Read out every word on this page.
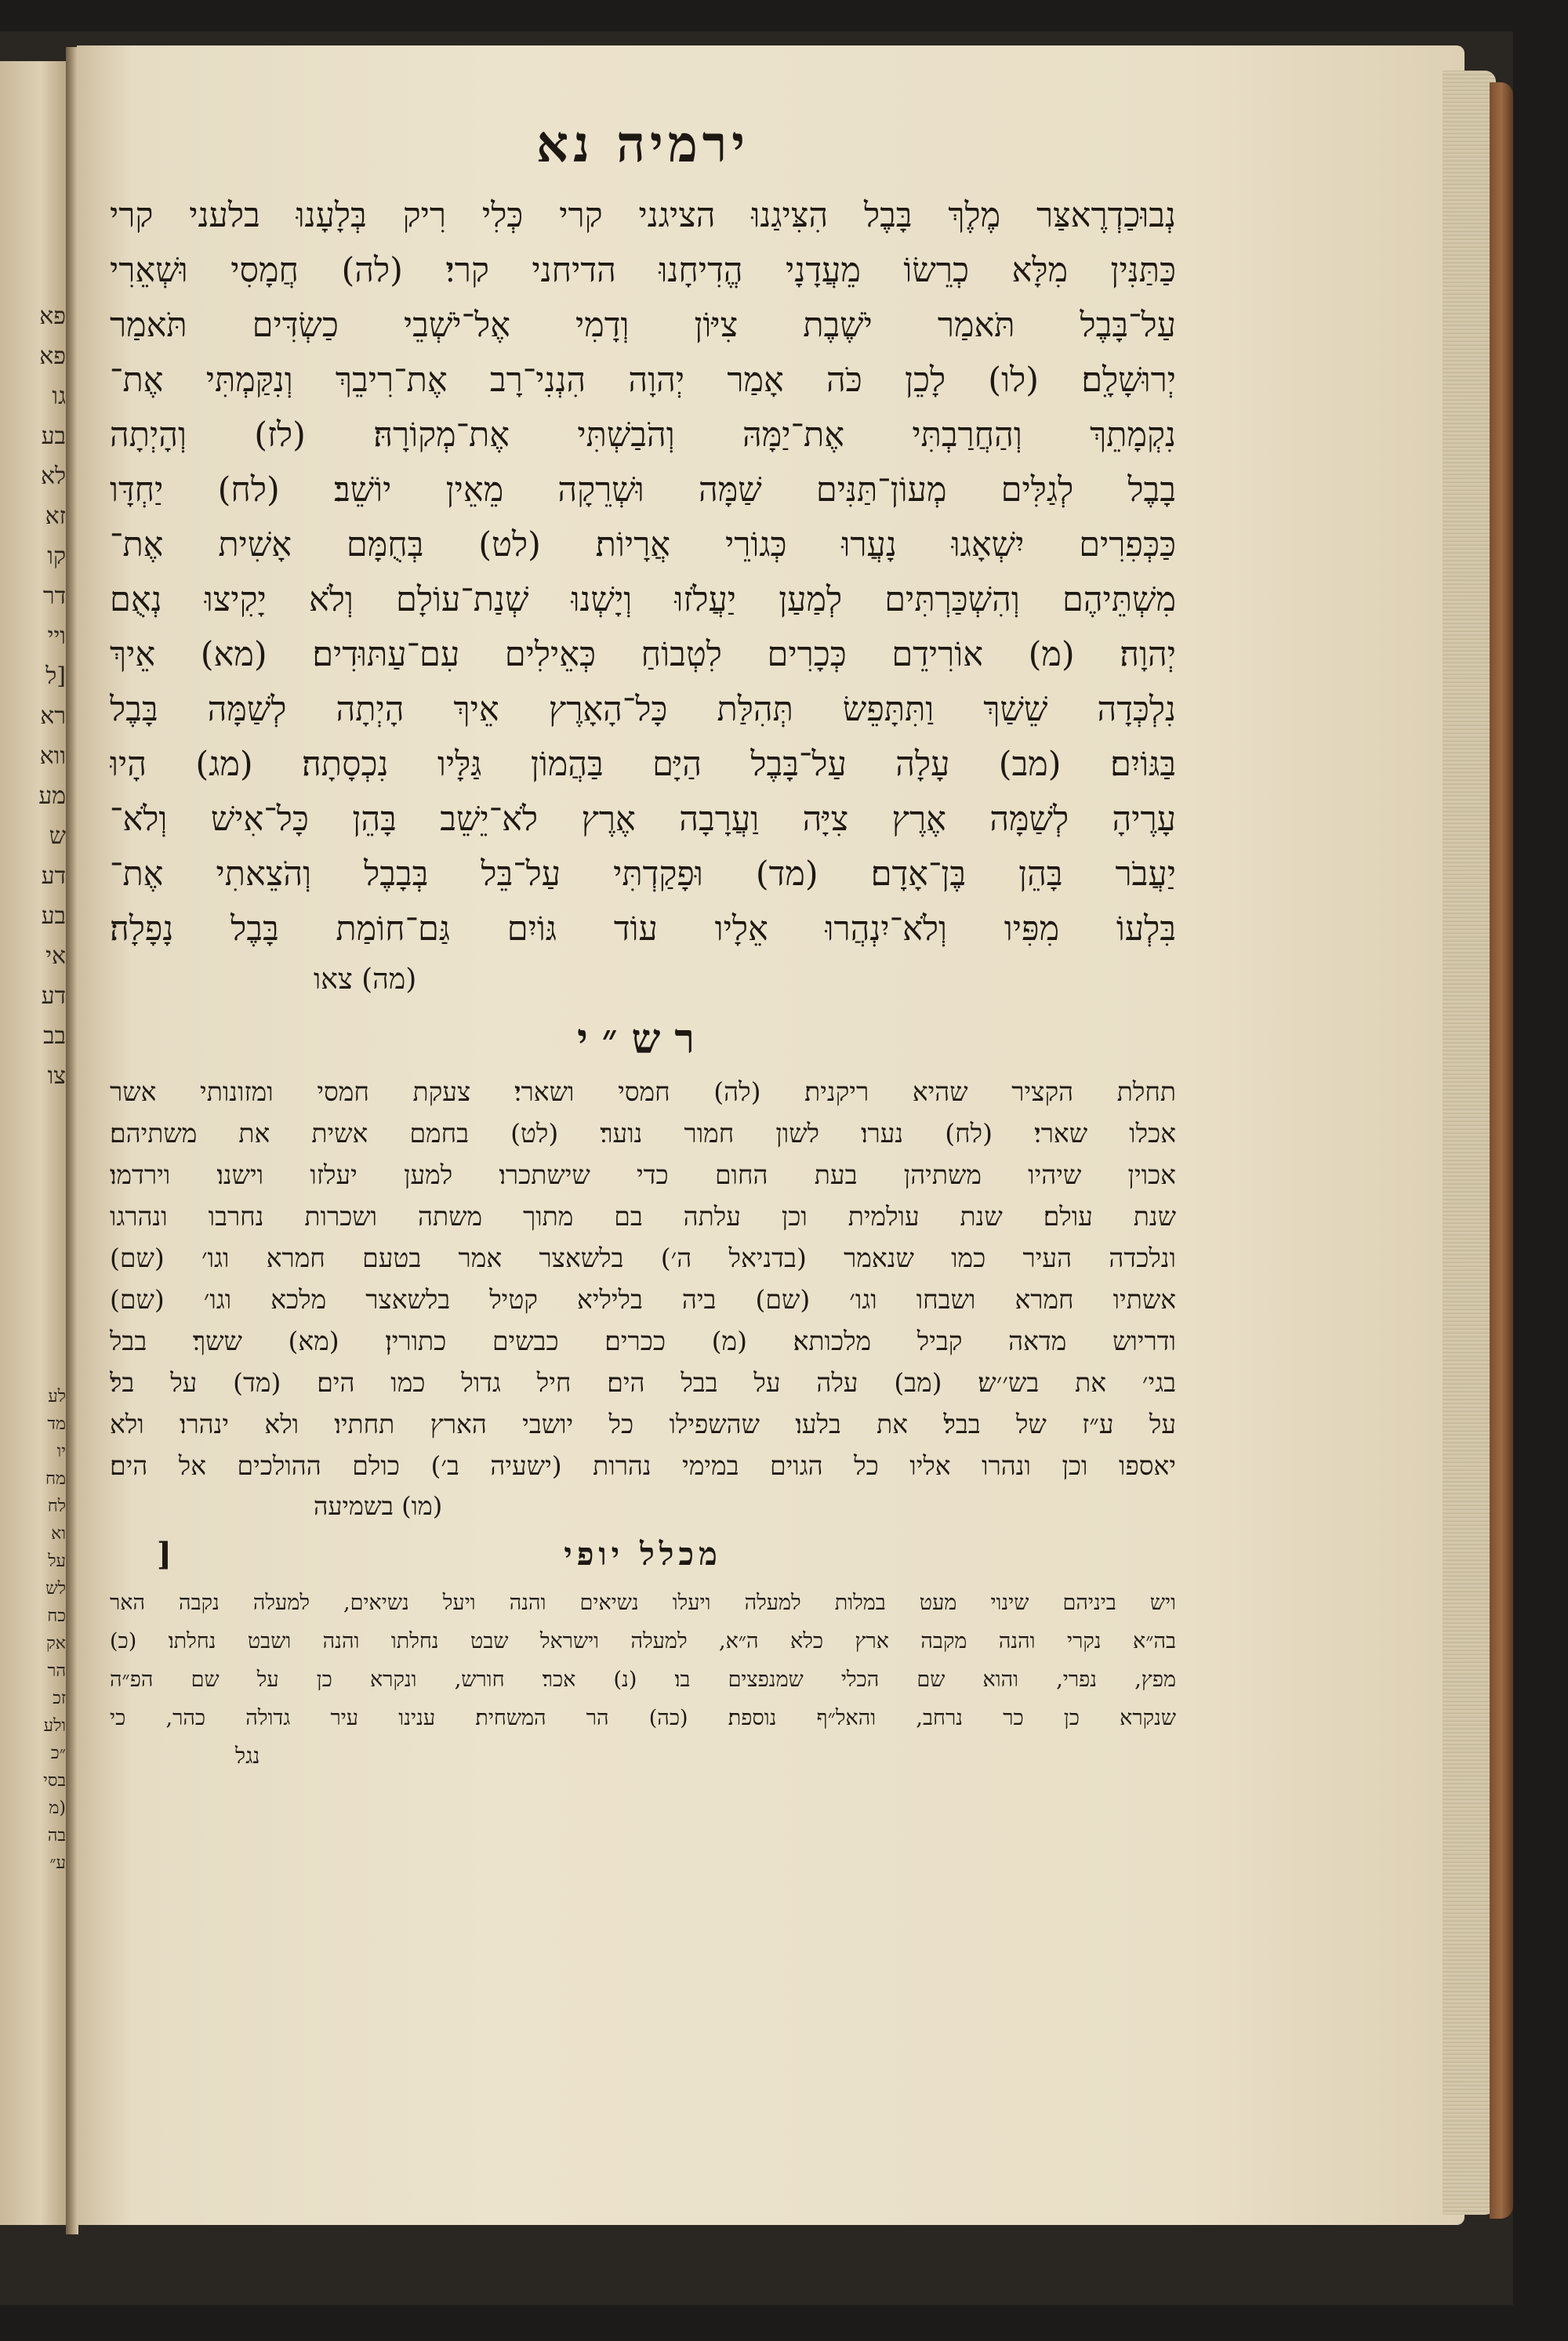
פא
פא
גו
בע
לא
זא
קו
דר
ויי
[ל
רא
ווא
מע
ש
דע
בע
אי
דע
בב
צו
לע
מד
יו
מח
לח
וא
על
לש
כח
אק
הר
זכ
ולע
״כ
בסי
(מ
בה
ע״
ירמיה נא
נְבוּכַדְרֶאצַּר מֶלֶךְ בָּבֶל הִצִּיגַנוּ הציגני קרי כְּלִי רִיק בְּלָעָנוּ בלעני קרי
כַּתַּנִּין מִלָּא כְרֵשׂוֹ מֵעֲדָנָי הֱדִיחָנוּ הדיחני קרי׃ (לה) חֲמָסִי וּשְׁאֵרִי
עַל־בָּבֶל תֹּאמַר יֹשֶׁבֶת צִיּוֹן וְדָמִי אֶל־יֹשְׁבֵי כַשְׂדִּים תֹּאמַר
יְרוּשָׁלִָם׃ (לו) לָכֵן כֹּה אָמַר יְהוָה הִנְנִי־רָב אֶת־רִיבֵךְ וְנִקַּמְתִּי אֶת־
נִקְמָתֵךְ וְהַחֲרַבְתִּי אֶת־יַמָּהּ וְהֹבַשְׁתִּי אֶת־מְקוֹרָהּ׃ (לז) וְהָיְתָה
בָבֶל לְגַלִּים מְעוֹן־תַּנִּים שַׁמָּה וּשְׁרֵקָה מֵאֵין יוֹשֵׁב׃ (לח) יַחְדָּו
כַּכְּפִרִים יִשְׁאָגוּ נָעֲרוּ כְּגוֹרֵי אֲרָיוֹת׃ (לט) בְּחֻמָּם אָשִׁית אֶת־
מִשְׁתֵּיהֶם וְהִשְׁכַּרְתִּים לְמַעַן יַעֲלֹזוּ וְיָשְׁנוּ שְׁנַת־עוֹלָם וְלֹא יָקִיצוּ נְאֻם
יְהוָה׃ (מ) אוֹרִידֵם כְּכָרִים לִטְבוֹחַ כְּאֵילִים עִם־עַתּוּדִים׃ (מא) אֵיךְ
נִלְכְּדָה שֵׁשַׁךְ וַתִּתָּפֵשׂ תְּהִלַּת כָּל־הָאָרֶץ אֵיךְ הָיְתָה לְשַׁמָּה בָּבֶל
בַּגּוֹיִם׃ (מב) עָלָה עַל־בָּבֶל הַיָּם בַּהֲמוֹן גַּלָּיו נִכְסָתָה׃ (מג) הָיוּ
עָרֶיהָ לְשַׁמָּה אֶרֶץ צִיָּה וַעֲרָבָה אֶרֶץ לֹא־יֵשֵׁב בָּהֵן כָּל־אִישׁ וְלֹא־
יַעֲבֹר בָּהֵן בֶּן־אָדָם׃ (מד) וּפָקַדְתִּי עַל־בֵּל בְּבָבֶל וְהֹצֵאתִי אֶת־
בִּלְעוֹ מִפִּיו וְלֹא־יִנְהֲרוּ אֵלָיו עוֹד גּוֹיִם גַּם־חוֹמַת בָּבֶל נָפָלָה׃
(מה) צאו
רש״י
תחלת הקציר שהיא ריקנית׃ (לה) חמסי ושארי׃ צעקת חמסי ומזונותי אשר
אכלו שארי׃ (לח) נערו׃ לשון חמור נוער׃ (לט) בחמם אשית את משתיהם׃
אכוין שיהיו משתיהן בעת החום כדי שישתכרו׃ למען יעלזו וישנו׃ וירדמו׃
שנת עולם׃ שנת עולמית וכן עלתה בם מתוך משתה ושכרות נחרבו ונהרגו
ונלכדה העיר כמו שנאמר (בדניאל ה׳) בלשאצר אמר בטעם חמרא וגו׳ (שם)
אשתיו חמרא ושבחו וגו׳ (שם) ביה בליליא קטיל בלשאצר מלכא וגו׳ (שם)
ודריוש מדאה קביל מלכותא׃ (מ) ככרים׃ כבשים כתורין׃ (מא) ששך׃ בבל
בגי׳ את בש׳׳ש׃ (מב) עלה על בבל הים׃ חיל גדול כמו הים׃ (מד) על בל׃
על ע״ז של בבל׃ את בלעו׃ שהשפילו כל יושבי הארץ תחתיו׃ ולא ינהרו׃ ולא
יאספו וכן ונהרו אליו כל הגוים במימי נהרות (ישעיה ב׳) כולם ההולכים אל הים׃
(מו) בשמיעה
מכלל יופי
[
ויש ביניהם שינוי מעט במלות למעלה ויעלו נשיאים והנה ויעל נשיאים, למעלה נקבה האר
בה״א נקרי והנה מקבה ארץ כלא ה״א, למעלה וישראל שבט נחלתו והנה ושבט נחלתו׃ (כ)
מפץ, נפרי, והוא שם הכלי שמנפצים בו׃ (נ) אכר׃ חורש, ונקרא כן על שם הפ״ה
שנקרא כן כר נרחב, והאל״ף נוספת׃ (כה) הר המשחית׃ ענינו עיר גדולה כהר, כי
נגל
